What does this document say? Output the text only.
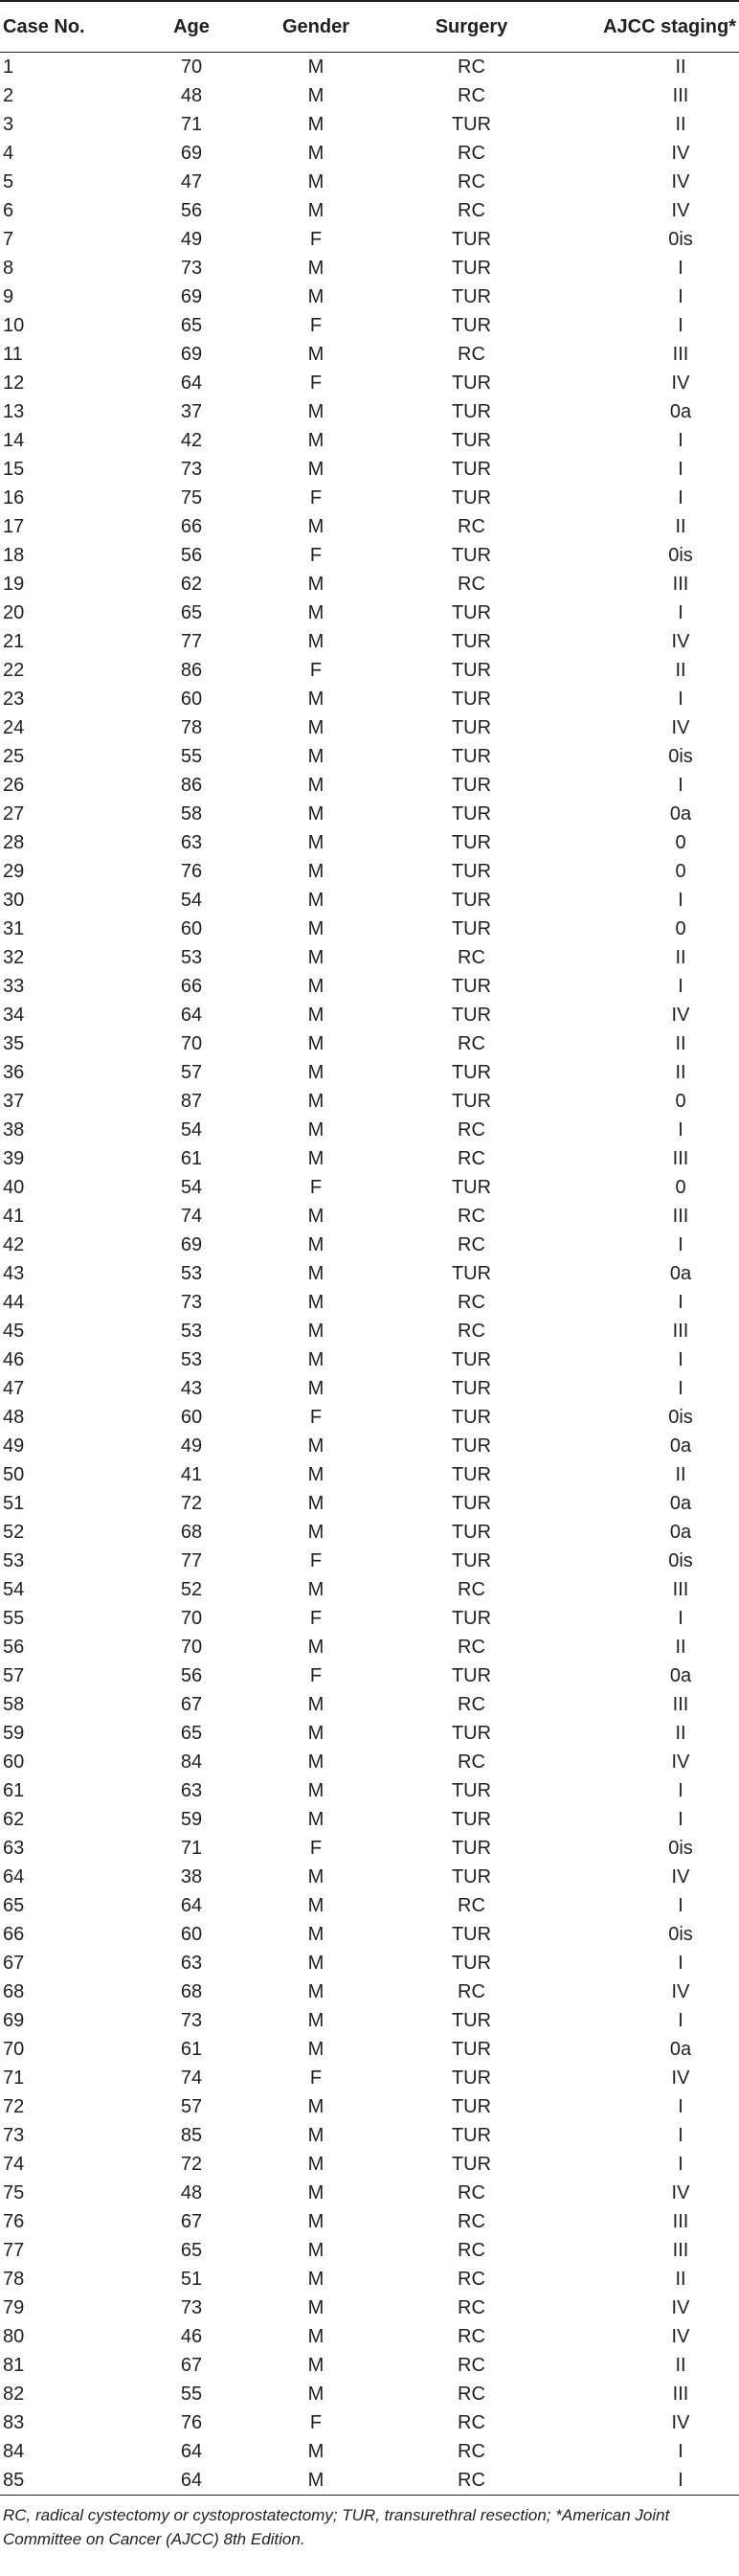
Case No.	Age	Gender	Surgery	AJCC staging*
1	70	M	RC	II
2	48	M	RC	III
3	71	M	TUR	II
4	69	M	RC	IV
5	47	M	RC	IV
6	56	M	RC	IV
7	49	F	TUR	0is
8	73	M	TUR	I
9	69	M	TUR	I
10	65	F	TUR	I
11	69	M	RC	III
12	64	F	TUR	IV
13	37	M	TUR	0a
14	42	M	TUR	I
15	73	M	TUR	I
16	75	F	TUR	I
17	66	M	RC	II
18	56	F	TUR	0is
19	62	M	RC	III
20	65	M	TUR	I
21	77	M	TUR	IV
22	86	F	TUR	II
23	60	M	TUR	I
24	78	M	TUR	IV
25	55	M	TUR	0is
26	86	M	TUR	I
27	58	M	TUR	0a
28	63	M	TUR	0
29	76	M	TUR	0
30	54	M	TUR	I
31	60	M	TUR	0
32	53	M	RC	II
33	66	M	TUR	I
34	64	M	TUR	IV
35	70	M	RC	II
36	57	M	TUR	II
37	87	M	TUR	0
38	54	M	RC	I
39	61	M	RC	III
40	54	F	TUR	0
41	74	M	RC	III
42	69	M	RC	I
43	53	M	TUR	0a
44	73	M	RC	I
45	53	M	RC	III
46	53	M	TUR	I
47	43	M	TUR	I
48	60	F	TUR	0is
49	49	M	TUR	0a
50	41	M	TUR	II
51	72	M	TUR	0a
52	68	M	TUR	0a
53	77	F	TUR	0is
54	52	M	RC	III
55	70	F	TUR	I
56	70	M	RC	II
57	56	F	TUR	0a
58	67	M	RC	III
59	65	M	TUR	II
60	84	M	RC	IV
61	63	M	TUR	I
62	59	M	TUR	I
63	71	F	TUR	0is
64	38	M	TUR	IV
65	64	M	RC	I
66	60	M	TUR	0is
67	63	M	TUR	I
68	68	M	RC	IV
69	73	M	TUR	I
70	61	M	TUR	0a
71	74	F	TUR	IV
72	57	M	TUR	I
73	85	M	TUR	I
74	72	M	TUR	I
75	48	M	RC	IV
76	67	M	RC	III
77	65	M	RC	III
78	51	M	RC	II
79	73	M	RC	IV
80	46	M	RC	IV
81	67	M	RC	II
82	55	M	RC	III
83	76	F	RC	IV
84	64	M	RC	I
85	64	M	RC	I

RC, radical cystectomy or cystoprostatectomy; TUR, transurethral resection; *American Joint Committee on Cancer (AJCC) 8th Edition.
